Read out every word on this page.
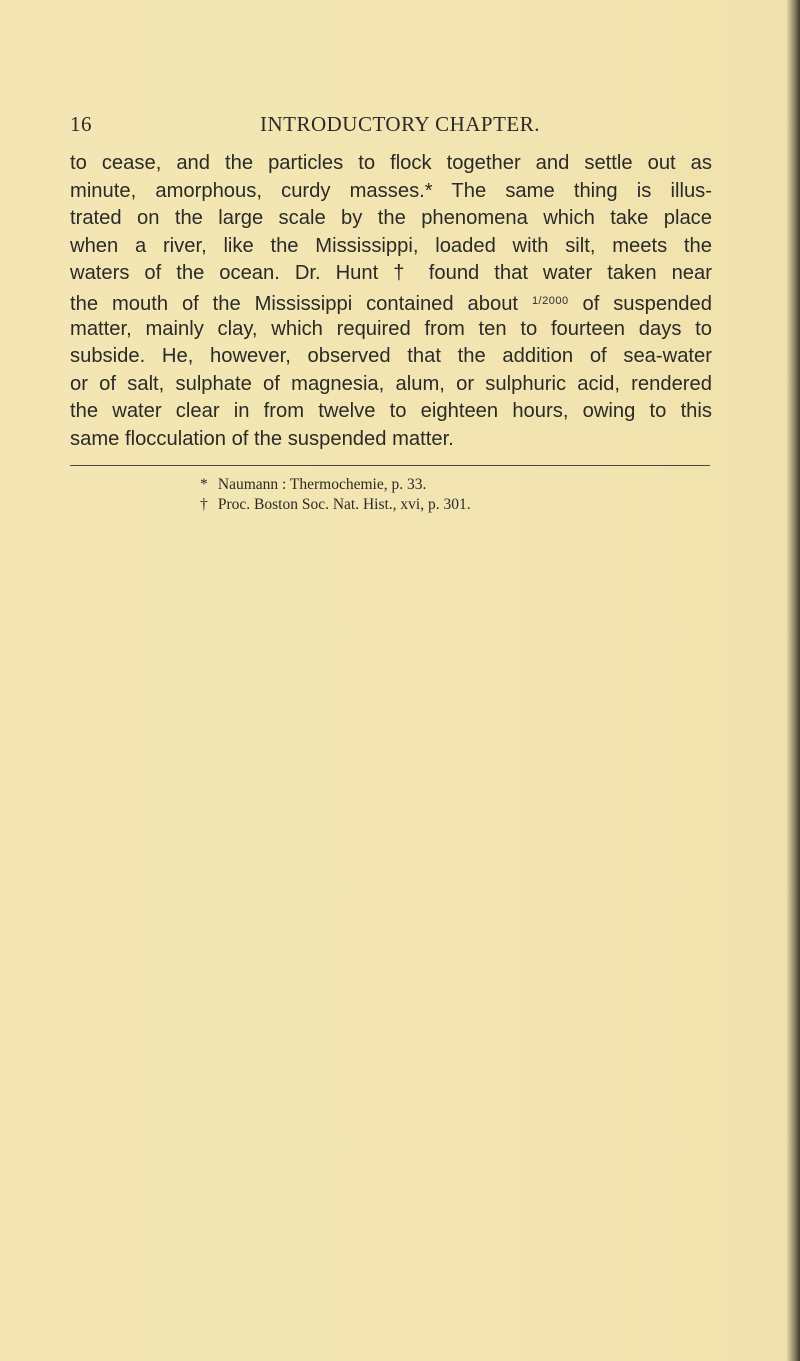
16	INTRODUCTORY CHAPTER.
to cease, and the particles to flock together and settle out as
minute, amorphous, curdy masses.* The same thing is illus-
trated on the large scale by the phenomena which take place
when a river, like the Mississippi, loaded with silt, meets the
waters of the ocean. Dr. Hunt † found that water taken near
the mouth of the Mississippi contained about $^{1/2000}$ of suspended
matter, mainly clay, which required from ten to fourteen days to
subside. He, however, observed that the addition of sea-water
or of salt, sulphate of magnesia, alum, or sulphuric acid, rendered
the water clear in from twelve to eighteen hours, owing to this
same flocculation of the suspended matter.
* Naumann : Thermochemie, p. 33.
† Proc. Boston Soc. Nat. Hist., xvi, p. 301.
